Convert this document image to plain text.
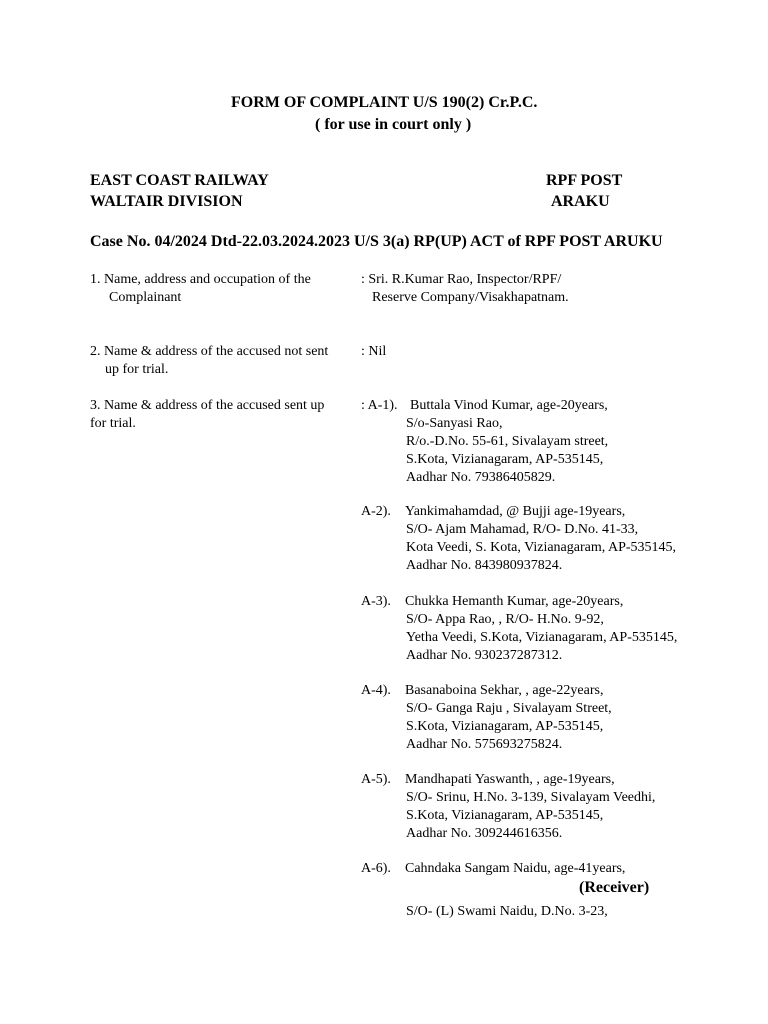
FORM OF COMPLAINT U/S 190(2) Cr.P.C.
( for use in court only )
EAST COAST RAILWAY
WALTAIR DIVISION
RPF POST
ARAKU
Case No. 04/2024 Dtd-22.03.2024.2023 U/S 3(a) RP(UP) ACT of RPF POST ARUKU
1. Name, address and occupation of the
Complainant
: Sri. R.Kumar Rao, Inspector/RPF/
Reserve Company/Visakhapatnam.
2. Name & address of the accused not sent
up for trial.
: Nil
3. Name & address of the accused sent up
for trial.
: A-1). Buttala Vinod Kumar, age-20years,
S/o-Sanyasi Rao,
R/o.-D.No. 55-61, Sivalayam street,
S.Kota, Vizianagaram, AP-535145,
Aadhar No. 79386405829.
A-2). Yankimahamdad, @ Bujji age-19years,
S/O- Ajam Mahamad, R/O- D.No. 41-33,
Kota Veedi, S. Kota, Vizianagaram, AP-535145,
Aadhar No. 843980937824.
A-3). Chukka Hemanth Kumar, age-20years,
S/O- Appa Rao, , R/O- H.No. 9-92,
Yetha Veedi, S.Kota, Vizianagaram, AP-535145,
Aadhar No. 930237287312.
A-4). Basanaboina Sekhar, , age-22years,
S/O- Ganga Raju , Sivalayam Street,
S.Kota, Vizianagaram, AP-535145,
Aadhar No. 575693275824.
A-5). Mandhapati Yaswanth, , age-19years,
S/O- Srinu, H.No. 3-139, Sivalayam Veedhi,
S.Kota, Vizianagaram, AP-535145,
Aadhar No. 309244616356.
A-6). Cahndaka Sangam Naidu, age-41years,
S/O- (L) Swami Naidu, D.No. 3-23,
(Receiver)
